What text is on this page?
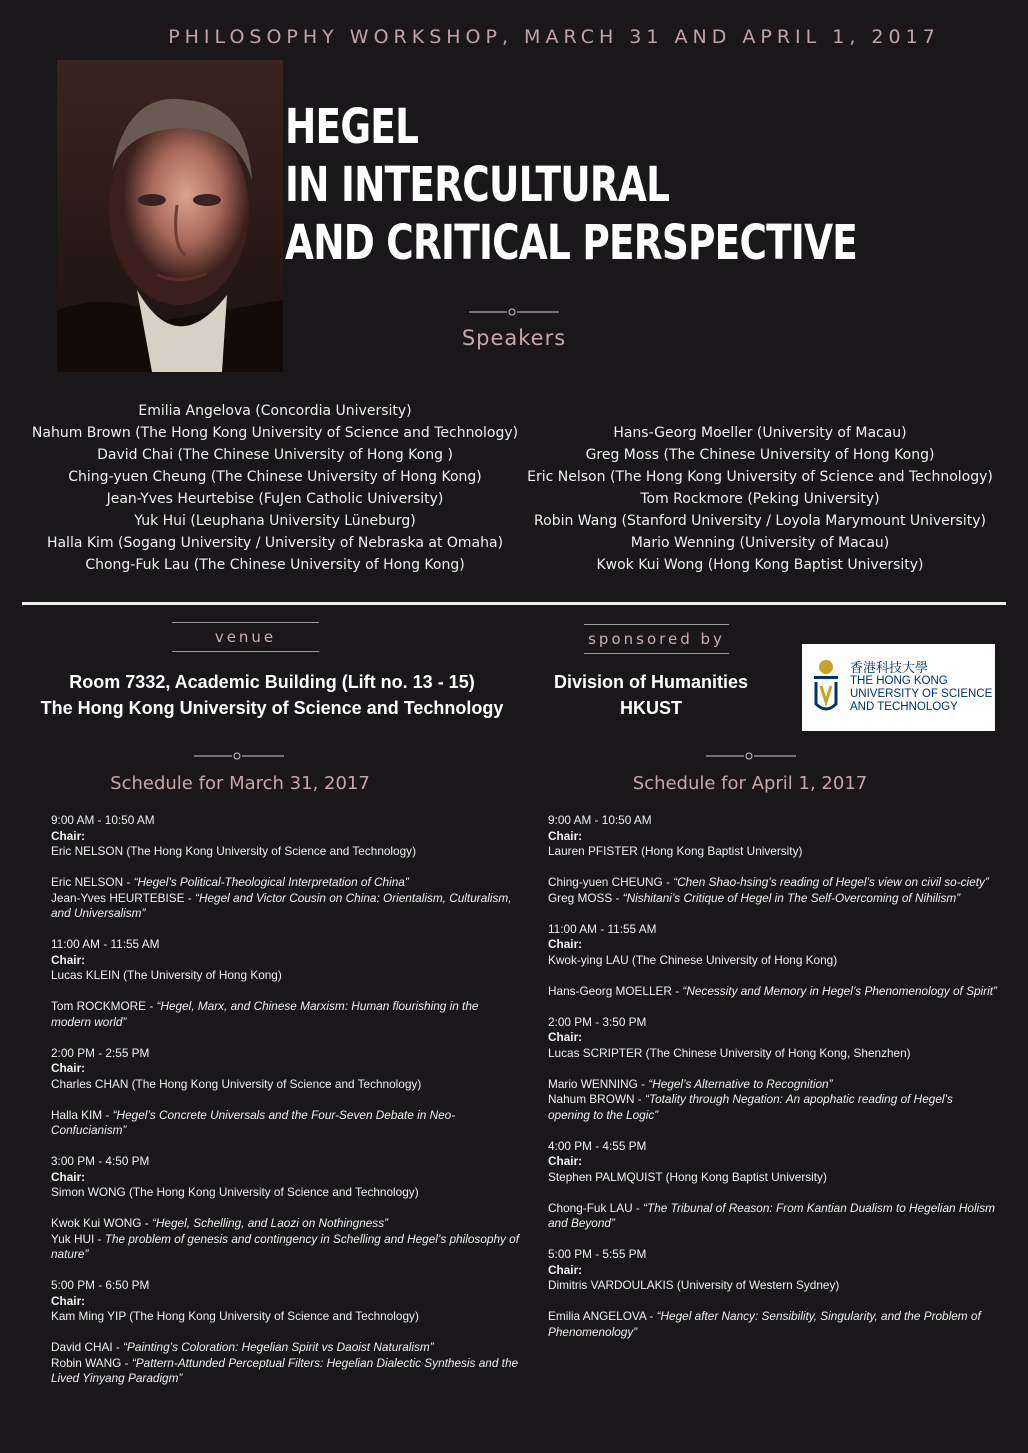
PHILOSOPHY WORKSHOP, MARCH 31 AND APRIL 1, 2017
HEGEL
IN INTERCULTURAL
AND CRITICAL PERSPECTIVE
Speakers
Emilia Angelova (Concordia University)
Nahum Brown (The Hong Kong University of Science and Technology)
David Chai (The Chinese University of Hong Kong )
Ching-yuen Cheung (The Chinese University of Hong Kong)
Jean-Yves Heurtebise (FuJen Catholic University)
Yuk Hui (Leuphana University Lüneburg)
Halla Kim (Sogang University / University of Nebraska at Omaha)
Chong-Fuk Lau (The Chinese University of Hong Kong)
Hans-Georg Moeller (University of Macau)
Greg Moss (The Chinese University of Hong Kong)
Eric Nelson (The Hong Kong University of Science and Technology)
Tom Rockmore (Peking University)
Robin Wang (Stanford University / Loyola Marymount University)
Mario Wenning (University of Macau)
Kwok Kui Wong (Hong Kong Baptist University)
venue	sponsored by
Room 7332, Academic Building (Lift no. 13 - 15)
The Hong Kong University of Science and Technology
Division of Humanities
HKUST
香港科技大學
THE HONG KONG
UNIVERSITY OF SCIENCE
AND TECHNOLOGY
Schedule for March 31, 2017	Schedule for April 1, 2017
9:00 AM - 10:50 AM
Chair:
Eric NELSON (The Hong Kong University of Science and Technology)
Eric NELSON - “Hegel’s Political-Theological Interpretation of China”
Jean-Yves HEURTEBISE - “Hegel and Victor Cousin on China: Orientalism, Culturalism, and Universalism”
11:00 AM - 11:55 AM
Chair:
Lucas KLEIN (The University of Hong Kong)
Tom ROCKMORE - “Hegel, Marx, and Chinese Marxism: Human flourishing in the modern world”
2:00 PM - 2:55 PM
Chair:
Charles CHAN (The Hong Kong University of Science and Technology)
Halla KIM - “Hegel’s Concrete Universals and the Four-Seven Debate in Neo-Confucianism”
3:00 PM - 4:50 PM
Chair:
Simon WONG (The Hong Kong University of Science and Technology)
Kwok Kui WONG - “Hegel, Schelling, and Laozi on Nothingness”
Yuk HUI - The problem of genesis and contingency in Schelling and Hegel’s philosophy of nature”
5:00 PM - 6:50 PM
Chair:
Kam Ming YIP (The Hong Kong University of Science and Technology)
David CHAI - “Painting’s Coloration: Hegelian Spirit vs Daoist Naturalism”
Robin WANG - “Pattern-Attunded Perceptual Filters: Hegelian Dialectic Synthesis and the Lived Yinyang Paradigm”
9:00 AM - 10:50 AM
Chair:
Lauren PFISTER (Hong Kong Baptist University)
Ching-yuen CHEUNG - “Chen Shao-hsing’s reading of Hegel’s view on civil so-ciety”
Greg MOSS - “Nishitani’s Critique of Hegel in The Self-Overcoming of Nihilism”
11:00 AM - 11:55 AM
Chair:
Kwok-ying LAU (The Chinese University of Hong Kong)
Hans-Georg MOELLER - “Necessity and Memory in Hegel’s Phenomenology of Spirit”
2:00 PM - 3:50 PM
Chair:
Lucas SCRIPTER (The Chinese University of Hong Kong, Shenzhen)
Mario WENNING - “Hegel’s Alternative to Recognition”
Nahum BROWN - “Totality through Negation: An apophatic reading of Hegel’s opening to the Logic”
4:00 PM - 4:55 PM
Chair:
Stephen PALMQUIST (Hong Kong Baptist University)
Chong-Fuk LAU - “The Tribunal of Reason: From Kantian Dualism to Hegelian Holism and Beyond”
5:00 PM - 5:55 PM
Chair:
Dimitris VARDOULAKIS (University of Western Sydney)
Emilia ANGELOVA - “Hegel after Nancy: Sensibility, Singularity, and the Problem of Phenomenology”
